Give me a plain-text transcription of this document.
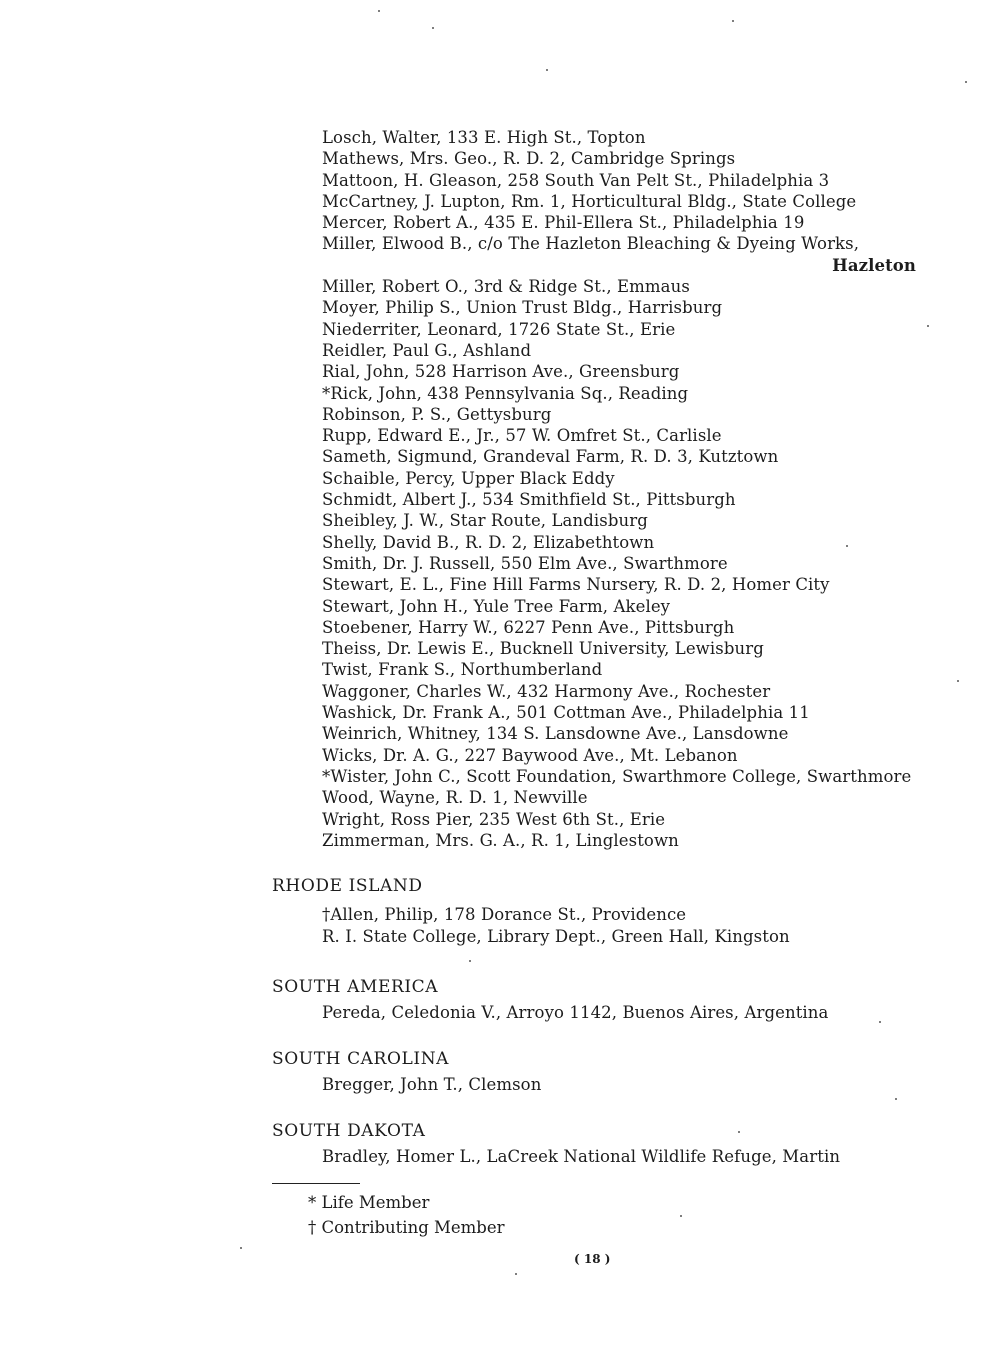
Losch, Walter, 133 E. High St., Topton
Mathews, Mrs. Geo., R. D. 2, Cambridge Springs
Mattoon, H. Gleason, 258 South Van Pelt St., Philadelphia 3
McCartney, J. Lupton, Rm. 1, Horticultural Bldg., State College
Mercer, Robert A., 435 E. Phil-Ellera St., Philadelphia 19
Miller, Elwood B., c/o The Hazleton Bleaching & Dyeing Works,
Hazleton
Miller, Robert O., 3rd & Ridge St., Emmaus
Moyer, Philip S., Union Trust Bldg., Harrisburg
Niederriter, Leonard, 1726 State St., Erie
Reidler, Paul G., Ashland
Rial, John, 528 Harrison Ave., Greensburg
*Rick, John, 438 Pennsylvania Sq., Reading
Robinson, P. S., Gettysburg
Rupp, Edward E., Jr., 57 W. Omfret St., Carlisle
Sameth, Sigmund, Grandeval Farm, R. D. 3, Kutztown
Schaible, Percy, Upper Black Eddy
Schmidt, Albert J., 534 Smithfield St., Pittsburgh
Sheibley, J. W., Star Route, Landisburg
Shelly, David B., R. D. 2, Elizabethtown
Smith, Dr. J. Russell, 550 Elm Ave., Swarthmore
Stewart, E. L., Fine Hill Farms Nursery, R. D. 2, Homer City
Stewart, John H., Yule Tree Farm, Akeley
Stoebener, Harry W., 6227 Penn Ave., Pittsburgh
Theiss, Dr. Lewis E., Bucknell University, Lewisburg
Twist, Frank S., Northumberland
Waggoner, Charles W., 432 Harmony Ave., Rochester
Washick, Dr. Frank A., 501 Cottman Ave., Philadelphia 11
Weinrich, Whitney, 134 S. Lansdowne Ave., Lansdowne
Wicks, Dr. A. G., 227 Baywood Ave., Mt. Lebanon
*Wister, John C., Scott Foundation, Swarthmore College, Swarthmore
Wood, Wayne, R. D. 1, Newville
Wright, Ross Pier, 235 West 6th St., Erie
Zimmerman, Mrs. G. A., R. 1, Linglestown
RHODE ISLAND
†Allen, Philip, 178 Dorance St., Providence
R. I. State College, Library Dept., Green Hall, Kingston
SOUTH AMERICA
Pereda, Celedonia V., Arroyo 1142, Buenos Aires, Argentina
SOUTH CAROLINA
Bregger, John T., Clemson
SOUTH DAKOTA
Bradley, Homer L., LaCreek National Wildlife Refuge, Martin
* Life Member
† Contributing Member
( 18 )
